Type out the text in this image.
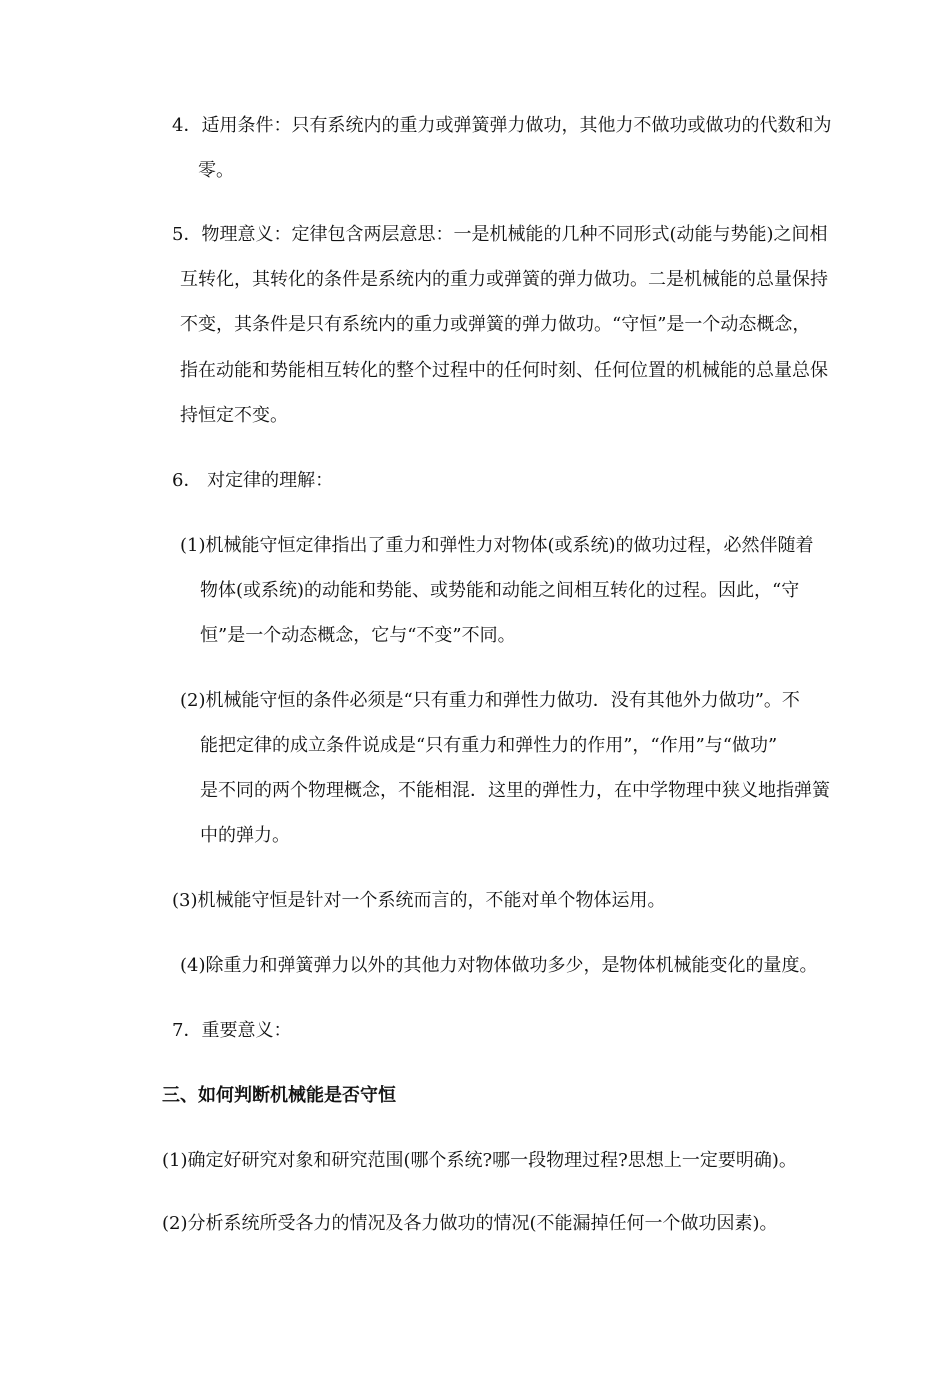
4．适用条件：只有系统内的重力或弹簧弹力做功，其他力不做功或做功的代数和为
零。
5．物理意义：定律包含两层意思：一是机械能的几种不同形式(动能与势能)之间相
互转化，其转化的条件是系统内的重力或弹簧的弹力做功。二是机械能的总量保持
不变，其条件是只有系统内的重力或弹簧的弹力做功。“守恒”是一个动态概念，
指在动能和势能相互转化的整个过程中的任何时刻、任何位置的机械能的总量总保
持恒定不变。
6． 对定律的理解：
(1)机械能守恒定律指出了重力和弹性力对物体(或系统)的做功过程，必然伴随着
物体(或系统)的动能和势能、或势能和动能之间相互转化的过程。因此，“守
恒”是一个动态概念，它与“不变”不同。
(2)机械能守恒的条件必须是“只有重力和弹性力做功．没有其他外力做功”。不
能把定律的成立条件说成是“只有重力和弹性力的作用”，“作用”与“做功”
是不同的两个物理概念，不能相混．这里的弹性力，在中学物理中狭义地指弹簧
中的弹力。
(3)机械能守恒是针对一个系统而言的，不能对单个物体运用。
(4)除重力和弹簧弹力以外的其他力对物体做功多少，是物体机械能变化的量度。
7．重要意义：
三、如何判断机械能是否守恒
(1)确定好研究对象和研究范围(哪个系统?哪一段物理过程?思想上一定要明确)。
(2)分析系统所受各力的情况及各力做功的情况(不能漏掉任何一个做功因素)。
